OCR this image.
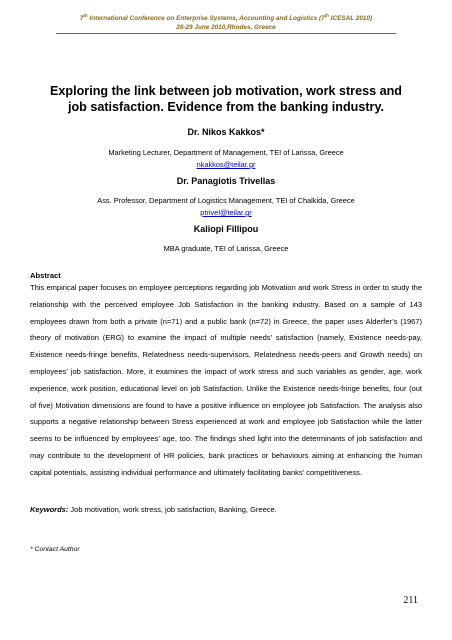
7th International Conference on Enterprise Systems, Accounting and Logistics (7th ICESAL 2010)
28-29 June 2010,Rhodes, Greece
Exploring the link between job motivation, work stress and job satisfaction. Evidence from the banking industry.
Dr. Nikos Kakkos*
Marketing Lecturer, Department of Management, TEI of Larissa, Greece
nkakkos@teilar.gr
Dr. Panagiotis Trivellas
Ass. Professor, Department of Logistics Management, TEI of Chalkida, Greece
ptrivel@teilar.gr
Kaliopi Fillipou
MBA graduate, TEI of Larissa, Greece
Abstract
This empirical paper focuses on employee perceptions regarding job Motivation and work Stress in order to study the relationship with the perceived employee Job Satisfaction in the banking industry. Based on a sample of 143 employees drawn from both a private (n=71) and a public bank (n=72) in Greece, the paper uses Alderfer’s (1967) theory of motivation (ERG) to examine the impact of multiple needs’ satisfaction (namely, Existence needs-pay, Existence needs-fringe benefits, Relatedness needs-supervisors, Relatedness needs-peers and Growth needs) on employees’ job satisfaction. More, it examines the impact of work stress and such variables as gender, age, work experience, work position, educational level on job Satisfaction. Unlike the Existence needs-fringe benefits, four (out of five) Motivation dimensions are found to have a positive influence on employee job Satisfaction. The analysis also supports a negative relationship between Stress experienced at work and employee job Satisfaction while the latter seems to be influenced by employees’ age, too. The findings shed light into the determinants of job satisfaction and may contribute to the development of HR policies, bank practices or behaviours aiming at enhancing the human capital potentials, assisting individual performance and ultimately facilitating banks’ competitiveness.
Keywords: Job motivation, work stress, job satisfaction, Banking, Greece.
* Contact Author
211
